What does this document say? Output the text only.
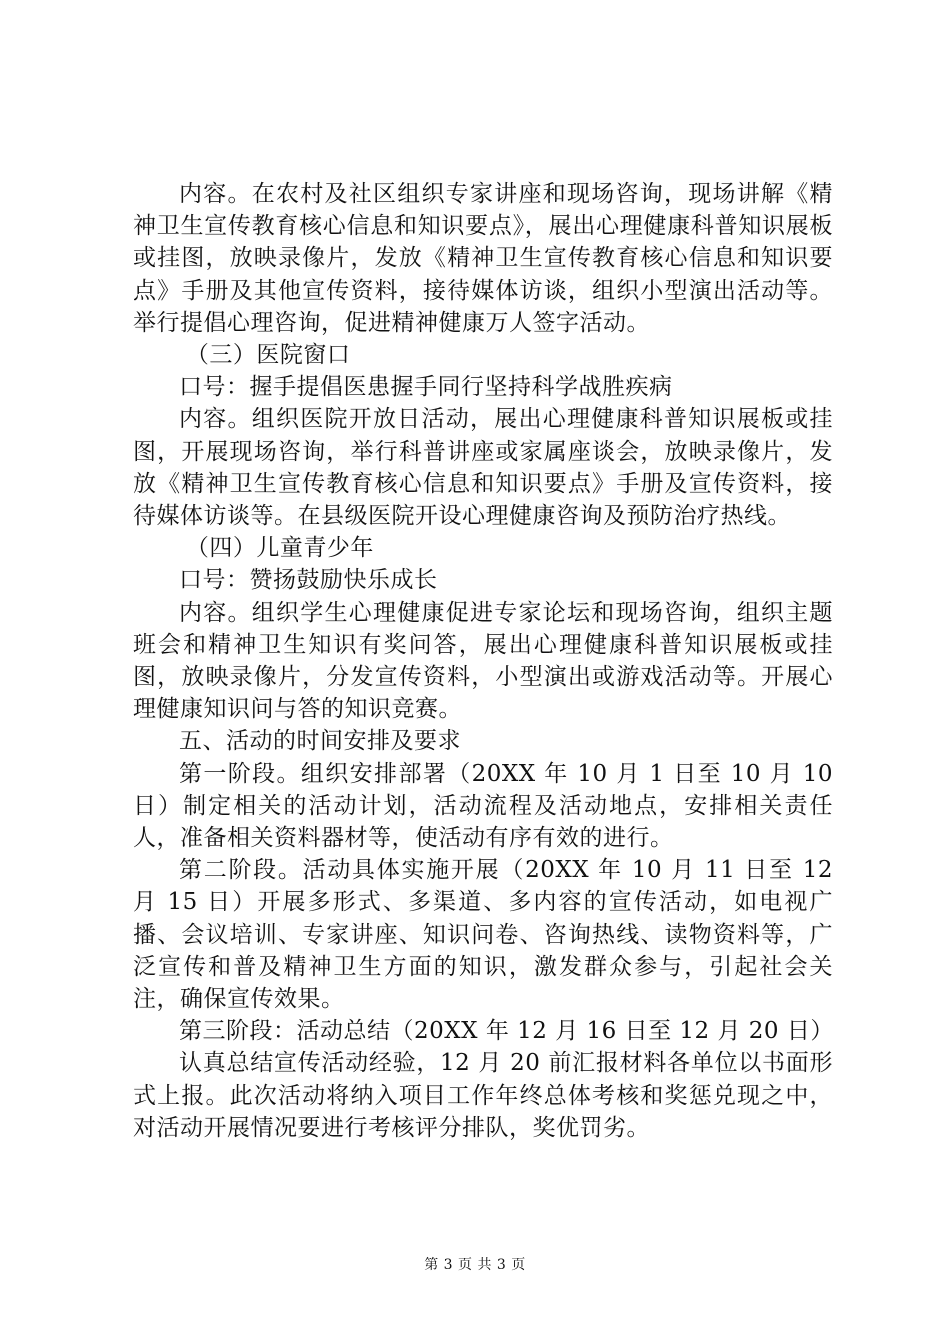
内容。在农村及社区组织专家讲座和现场咨询，现场讲解《精神卫生宣传教育核心信息和知识要点》，展出心理健康科普知识展板或挂图，放映录像片，发放《精神卫生宣传教育核心信息和知识要点》手册及其他宣传资料，接待媒体访谈，组织小型演出活动等。举行提倡心理咨询，促进精神健康万人签字活动。

（三）医院窗口

口号：握手提倡医患握手同行坚持科学战胜疾病

内容。组织医院开放日活动，展出心理健康科普知识展板或挂图，开展现场咨询，举行科普讲座或家属座谈会，放映录像片，发放《精神卫生宣传教育核心信息和知识要点》手册及宣传资料，接待媒体访谈等。在县级医院开设心理健康咨询及预防治疗热线。

（四）儿童青少年

口号：赞扬鼓励快乐成长

内容。组织学生心理健康促进专家论坛和现场咨询，组织主题班会和精神卫生知识有奖问答，展出心理健康科普知识展板或挂图，放映录像片，分发宣传资料，小型演出或游戏活动等。开展心理健康知识问与答的知识竞赛。

五、活动的时间安排及要求

第一阶段。组织安排部署（20XX 年 10 月 1 日至 10 月 10 日）制定相关的活动计划，活动流程及活动地点，安排相关责任人，准备相关资料器材等，使活动有序有效的进行。

第二阶段。活动具体实施开展（20XX 年 10 月 11 日至 12 月 15 日）开展多形式、多渠道、多内容的宣传活动，如电视广播、会议培训、专家讲座、知识问卷、咨询热线、读物资料等，广泛宣传和普及精神卫生方面的知识，激发群众参与，引起社会关注，确保宣传效果。

第三阶段：活动总结（20XX 年 12 月 16 日至 12 月 20 日）

认真总结宣传活动经验，12 月 20 前汇报材料各单位以书面形式上报。此次活动将纳入项目工作年终总体考核和奖惩兑现之中，对活动开展情况要进行考核评分排队，奖优罚劣。

第 3 页 共 3 页
